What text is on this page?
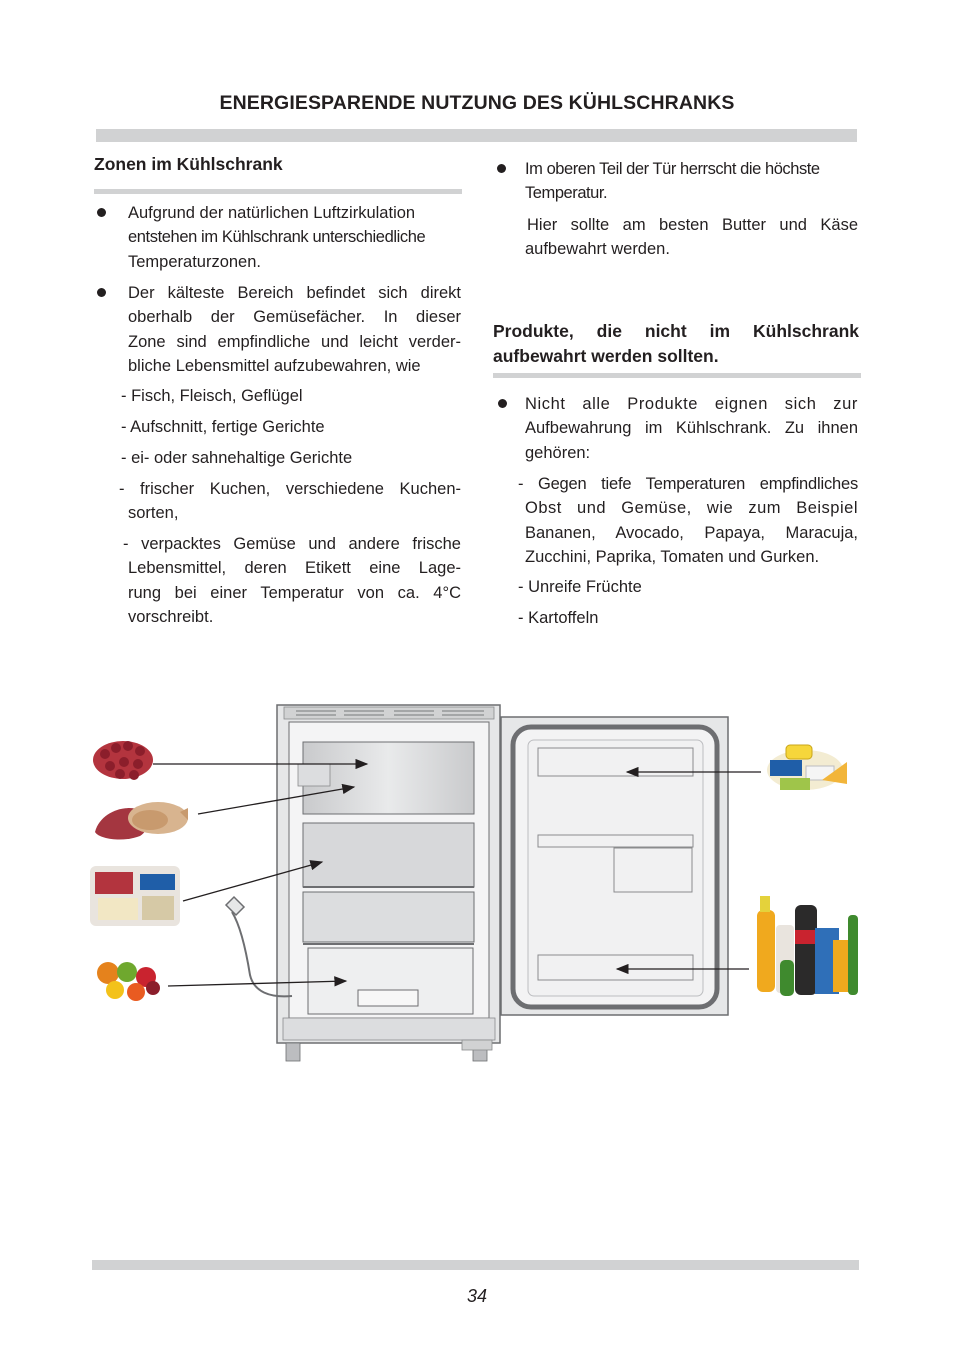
ENERGIESPARENDE NUTZUNG DES KÜHLSCHRANKS
Zonen im Kühlschrank
Aufgrund der natürlichen Luftzirkulation
entstehen im Kühlschrank unterschiedliche
Temperaturzonen.
Der kälteste Bereich befindet sich direkt
oberhalb der Gemüsefächer. In dieser
Zone sind empfindliche und leicht verder-
bliche Lebensmittel aufzubewahren, wie
- Fisch, Fleisch, Geflügel
- Aufschnitt, fertige Gerichte
- ei- oder sahnehaltige Gerichte
- frischer Kuchen, verschiedene Kuchen-
sorten,
- verpacktes Gemüse und andere frische
Lebensmittel, deren Etikett eine Lage-
rung bei einer Temperatur von ca. 4°C
vorschreibt.
Im oberen Teil der Tür herrscht die höchste
Temperatur.
Hier sollte am besten Butter und Käse
aufbewahrt werden.
Produkte, die nicht im Kühlschrank
aufbewahrt werden sollten.
Nicht alle Produkte eignen sich zur
Aufbewahrung im Kühlschrank. Zu ihnen
gehören:
- Gegen tiefe Temperaturen empfindliches
Obst und Gemüse, wie zum Beispiel
Bananen, Avocado, Papaya, Maracuja,
Zucchini, Paprika, Tomaten und Gurken.
- Unreife Früchte
- Kartoffeln
34
